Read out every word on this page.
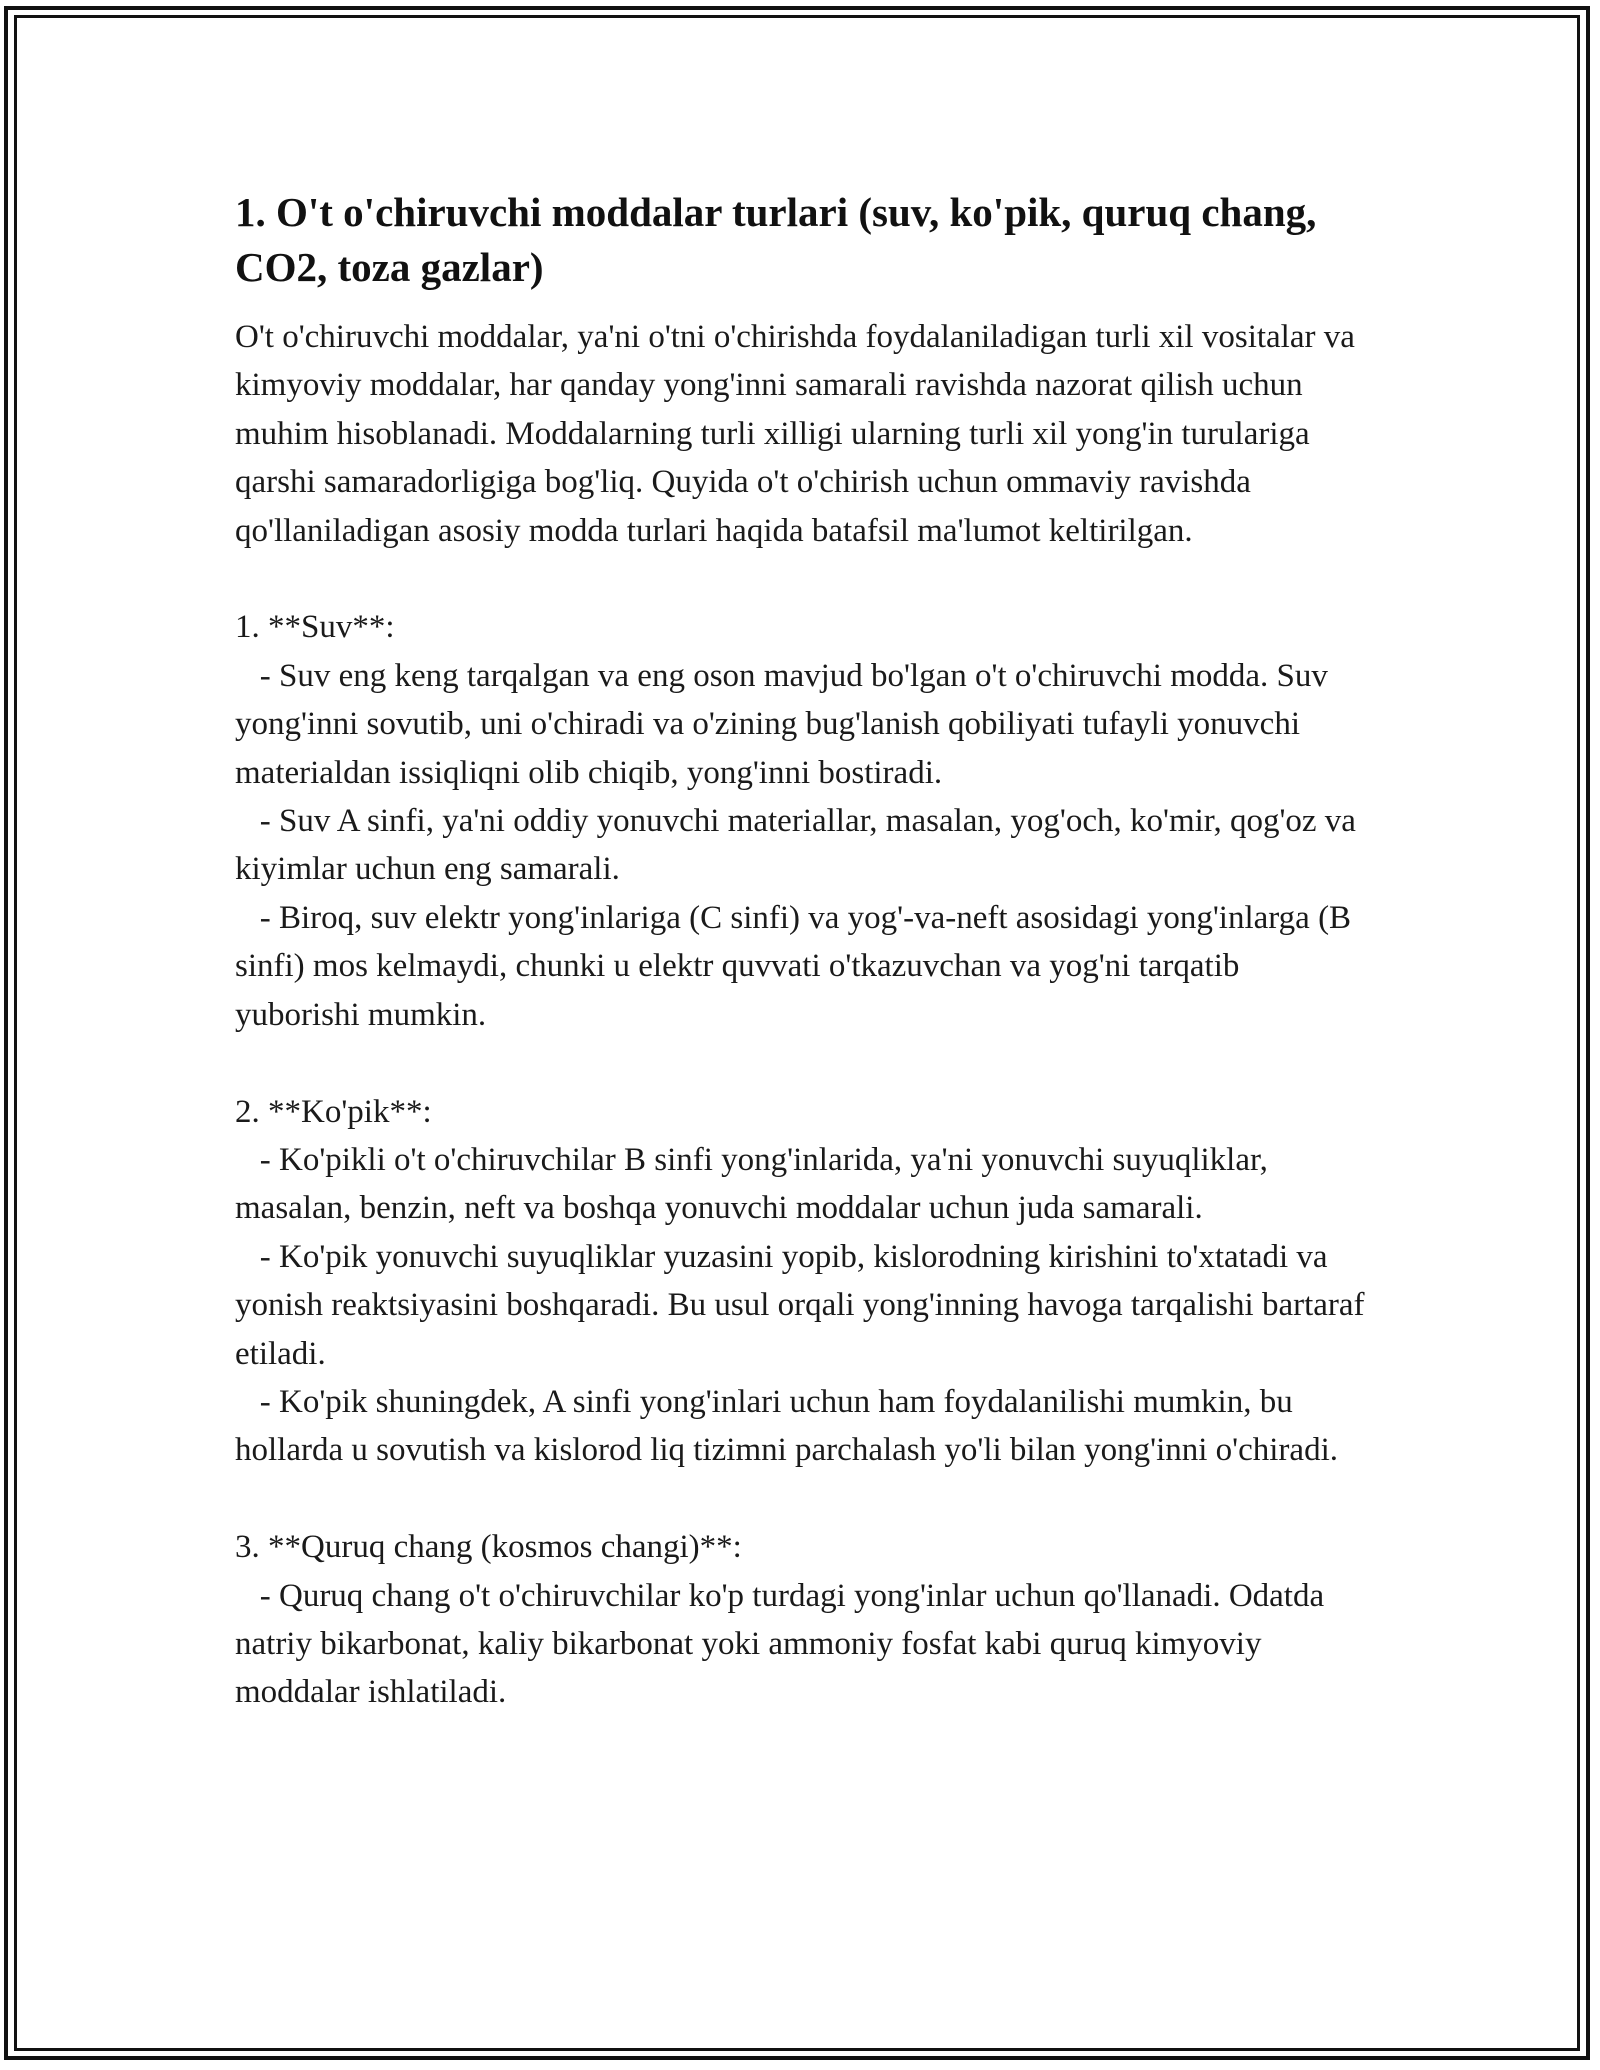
1. O't o'chiruvchi moddalar turlari (suv, ko'pik, quruq chang, CO2, toza gazlar)

O't o'chiruvchi moddalar, ya'ni o'tni o'chirishda foydalaniladigan turli xil vositalar va kimyoviy moddalar, har qanday yong'inni samarali ravishda nazorat qilish uchun muhim hisoblanadi. Moddalarning turli xilligi ularning turli xil yong'in turulariga qarshi samaradorligiga bog'liq. Quyida o't o'chirish uchun ommaviy ravishda qo'llaniladigan asosiy modda turlari haqida batafsil ma'lumot keltirilgan.

1. **Suv**:
- Suv eng keng tarqalgan va eng oson mavjud bo'lgan o't o'chiruvchi modda. Suv yong'inni sovutib, uni o'chiradi va o'zining bug'lanish qobiliyati tufayli yonuvchi materialdan issiqliqni olib chiqib, yong'inni bostiradi.
- Suv A sinfi, ya'ni oddiy yonuvchi materiallar, masalan, yog'och, ko'mir, qog'oz va kiyimlar uchun eng samarali.
- Biroq, suv elektr yong'inlariga (C sinfi) va yog'-va-neft asosidagi yong'inlarga (B sinfi) mos kelmaydi, chunki u elektr quvvati o'tkazuvchan va yog'ni tarqatib yuborishi mumkin.

2. **Ko'pik**:
- Ko'pikli o't o'chiruvchilar B sinfi yong'inlarida, ya'ni yonuvchi suyuqliklar, masalan, benzin, neft va boshqa yonuvchi moddalar uchun juda samarali.
- Ko'pik yonuvchi suyuqliklar yuzasini yopib, kislorodning kirishini to'xtatadi va yonish reaktsiyasini boshqaradi. Bu usul orqali yong'inning havoga tarqalishi bartaraf etiladi.
- Ko'pik shuningdek, A sinfi yong'inlari uchun ham foydalanilishi mumkin, bu hollarda u sovutish va kislorod liq tizimni parchalash yo'li bilan yong'inni o'chiradi.

3. **Quruq chang (kosmos changi)**:
- Quruq chang o't o'chiruvchilar ko'p turdagi yong'inlar uchun qo'llanadi. Odatda natriy bikarbonat, kaliy bikarbonat yoki ammoniy fosfat kabi quruq kimyoviy moddalar ishlatiladi.
